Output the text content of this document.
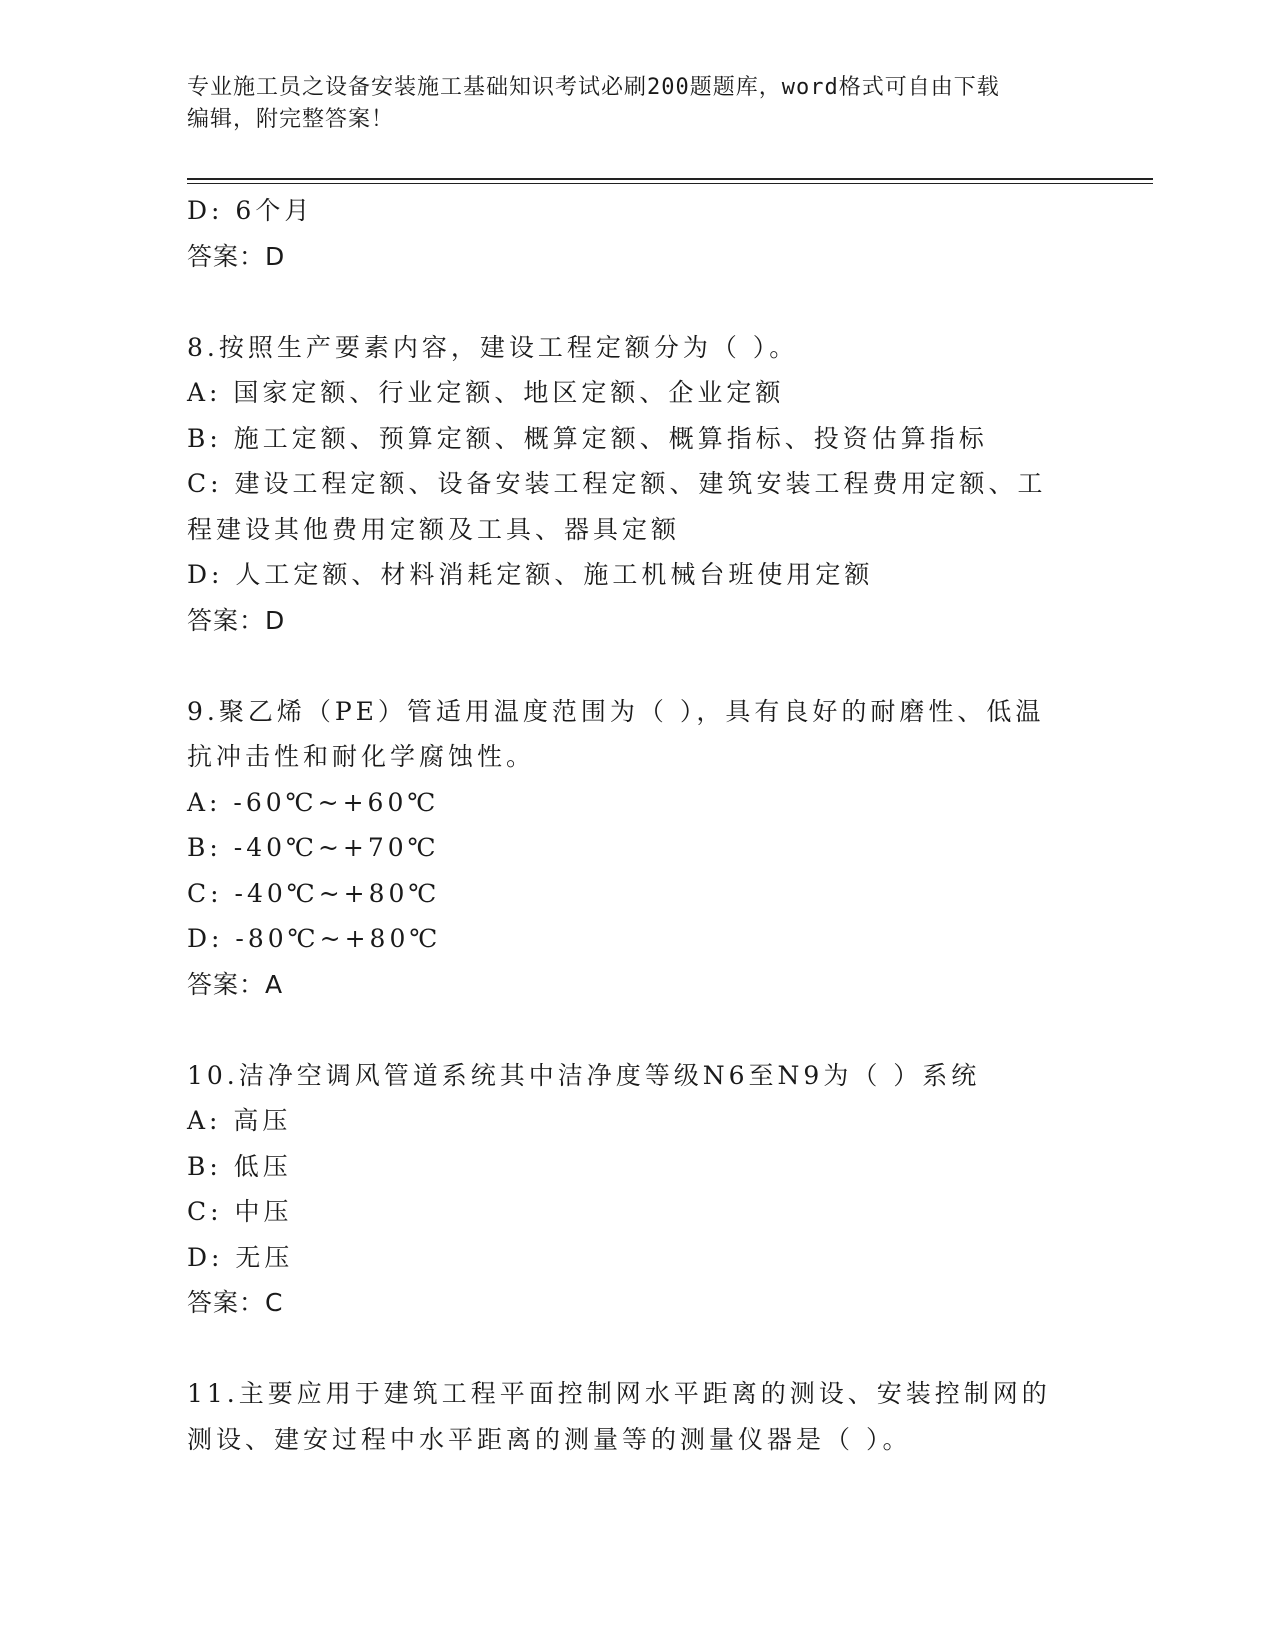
专业施工员之设备安装施工基础知识考试必刷200题题库，word格式可自由下载
编辑，附完整答案！
D: 6个月
答案：D
8.按照生产要素内容，建设工程定额分为（ ）。
A: 国家定额、行业定额、地区定额、企业定额
B: 施工定额、预算定额、概算定额、概算指标、投资估算指标
C: 建设工程定额、设备安装工程定额、建筑安装工程费用定额、工程建设其他费用定额及工具、器具定额
D: 人工定额、材料消耗定额、施工机械台班使用定额
答案：D
9.聚乙烯（PE）管适用温度范围为（ ），具有良好的耐磨性、低温抗冲击性和耐化学腐蚀性。
A: -60℃~+60℃
B: -40℃~+70℃
C: -40℃~+80℃
D: -80℃~+80℃
答案：A
10.洁净空调风管道系统其中洁净度等级N6至N9为（ ）系统
A: 高压
B: 低压
C: 中压
D: 无压
答案：C
11.主要应用于建筑工程平面控制网水平距离的测设、安装控制网的测设、建安过程中水平距离的测量等的测量仪器是（ ）。
